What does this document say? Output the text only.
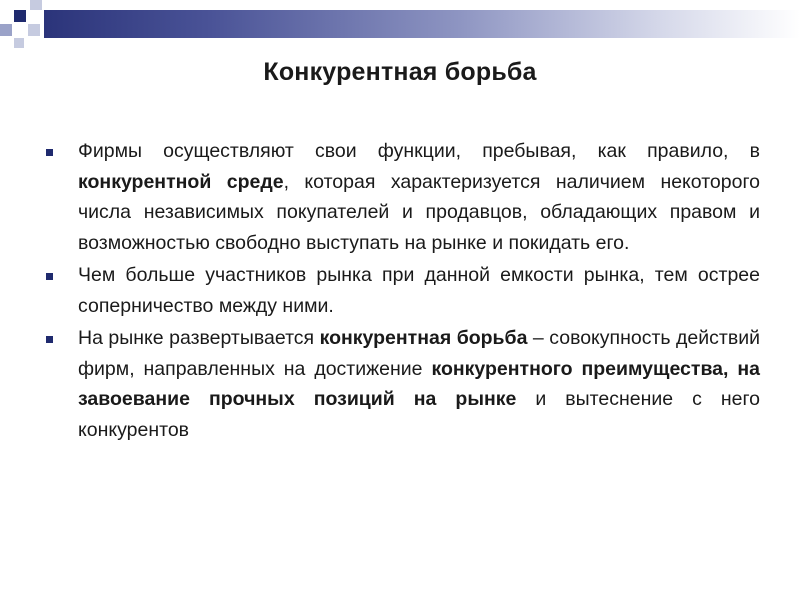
Конкурентная борьба
Фирмы осуществляют свои функции, пребывая, как правило, в конкурентной среде, которая характеризуется наличием некоторого числа независимых покупателей и продавцов, обладающих правом и возможностью свободно выступать на рынке и покидать его.
Чем больше участников рынка при данной емкости рынка, тем острее соперничество между ними.
На рынке развертывается конкурентная борьба – совокупность действий фирм, направленных на достижение конкурентного преимущества, на завоевание прочных позиций на рынке и вытеснение с него конкурентов
